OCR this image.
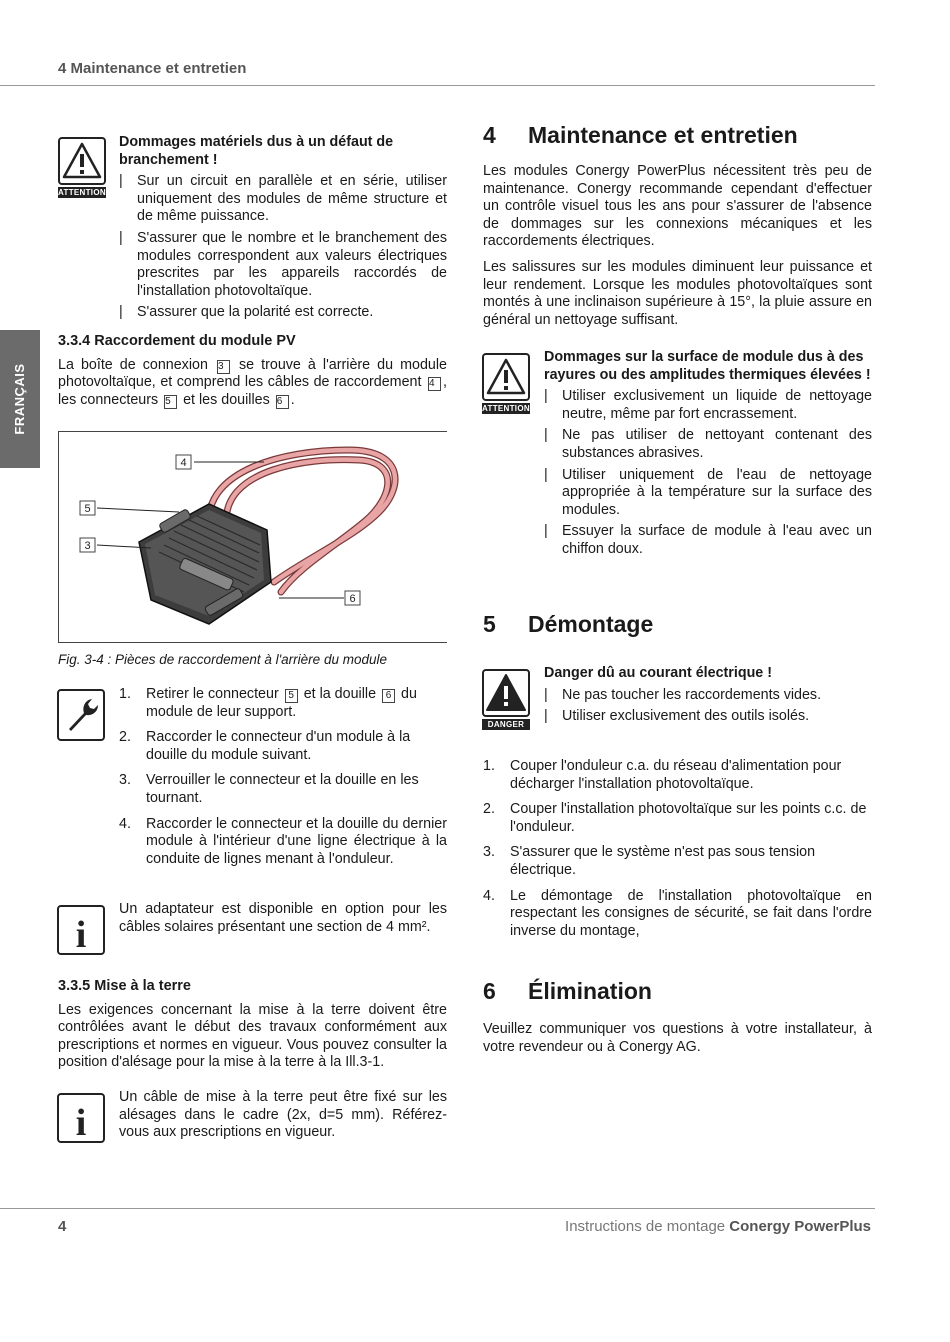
4 Maintenance et entretien
FRANÇAIS
ATTENTION

Dommages matériels dus à un défaut de branchement !

| Sur un circuit en parallèle et en série, utiliser uniquement des modules de même structure et de même puissance.
| S'assurer que le nombre et le branchement des modules correspondent aux valeurs électriques prescrites par les appareils raccordés de l'installation photovoltaïque.
| S'assurer que la polarité est correcte.

3.3.4 Raccordement du module PV

La boîte de connexion 3 se trouve à l'arrière du module photovoltaïque, et comprend les câbles de raccordement 4 , les connecteurs 5 et les douilles 6 .

4
5
3
6
Fig. 3-4 : Pièces de raccordement à l'arrière du module
1. Retirer le connecteur 5 et la douille 6 du module de leur support.
2. Raccorder le connecteur d'un module à la douille du module suivant.
3. Verrouiller le connecteur et la douille en les tournant.
4. Raccorder le connecteur et la douille du dernier module à l'intérieur d'une ligne électrique à la conduite de lignes menant à l'onduleur.
i

Un adaptateur est disponible en option pour les câbles solaires présentant une section de 4 mm².

3.3.5 Mise à la terre

Les exigences concernant la mise à la terre doivent être contrôlées avant le début des travaux conformément aux prescriptions et normes en vigueur. Vous pouvez consulter la position d'alésage pour la mise à la terre à la Ill.3-1.

i

Un câble de mise à la terre peut être fixé sur les alésages dans le cadre (2x, d=5 mm). Référez-vous aux prescriptions en vigueur.

4 Maintenance et entretien

Les modules Conergy PowerPlus nécessitent très peu de maintenance. Conergy recommande cependant d'effectuer un contrôle visuel tous les ans pour s'assurer de l'absence de dommages sur les connexions mécaniques et les raccordements électriques.

Les salissures sur les modules diminuent leur puissance et leur rendement. Lorsque les modules photovoltaïques sont montés à une inclinaison supérieure à 15°, la pluie assure en général un nettoyage suffisant.

ATTENTION

Dommages sur la surface de module dus à des rayures ou des amplitudes thermiques élevées !

| Utiliser exclusivement un liquide de nettoyage neutre, même par fort encrassement.
| Ne pas utiliser de nettoyant contenant des substances abrasives.
| Utiliser uniquement de l'eau de nettoyage appropriée à la température sur la surface des modules.
| Essuyer la surface de module à l'eau avec un chiffon doux.

5 Démontage

DANGER

Danger dû au courant électrique !

| Ne pas toucher les raccordements vides.
| Utiliser exclusivement des outils isolés.
1. Couper l'onduleur c.a. du réseau d'alimentation pour décharger l'installation photovoltaïque.
2. Couper l'installation photovoltaïque sur les points c.c. de l'onduleur.
3. S'assurer que le système n'est pas sous tension électrique.
4. Le démontage de l'installation photovoltaïque en respectant les consignes de sécurité, se fait dans l'ordre inverse du montage,

6 Élimination

Veuillez communiquer vos questions à votre installateur, à votre revendeur ou à Conergy AG.

4	Instructions de montage Conergy PowerPlus
